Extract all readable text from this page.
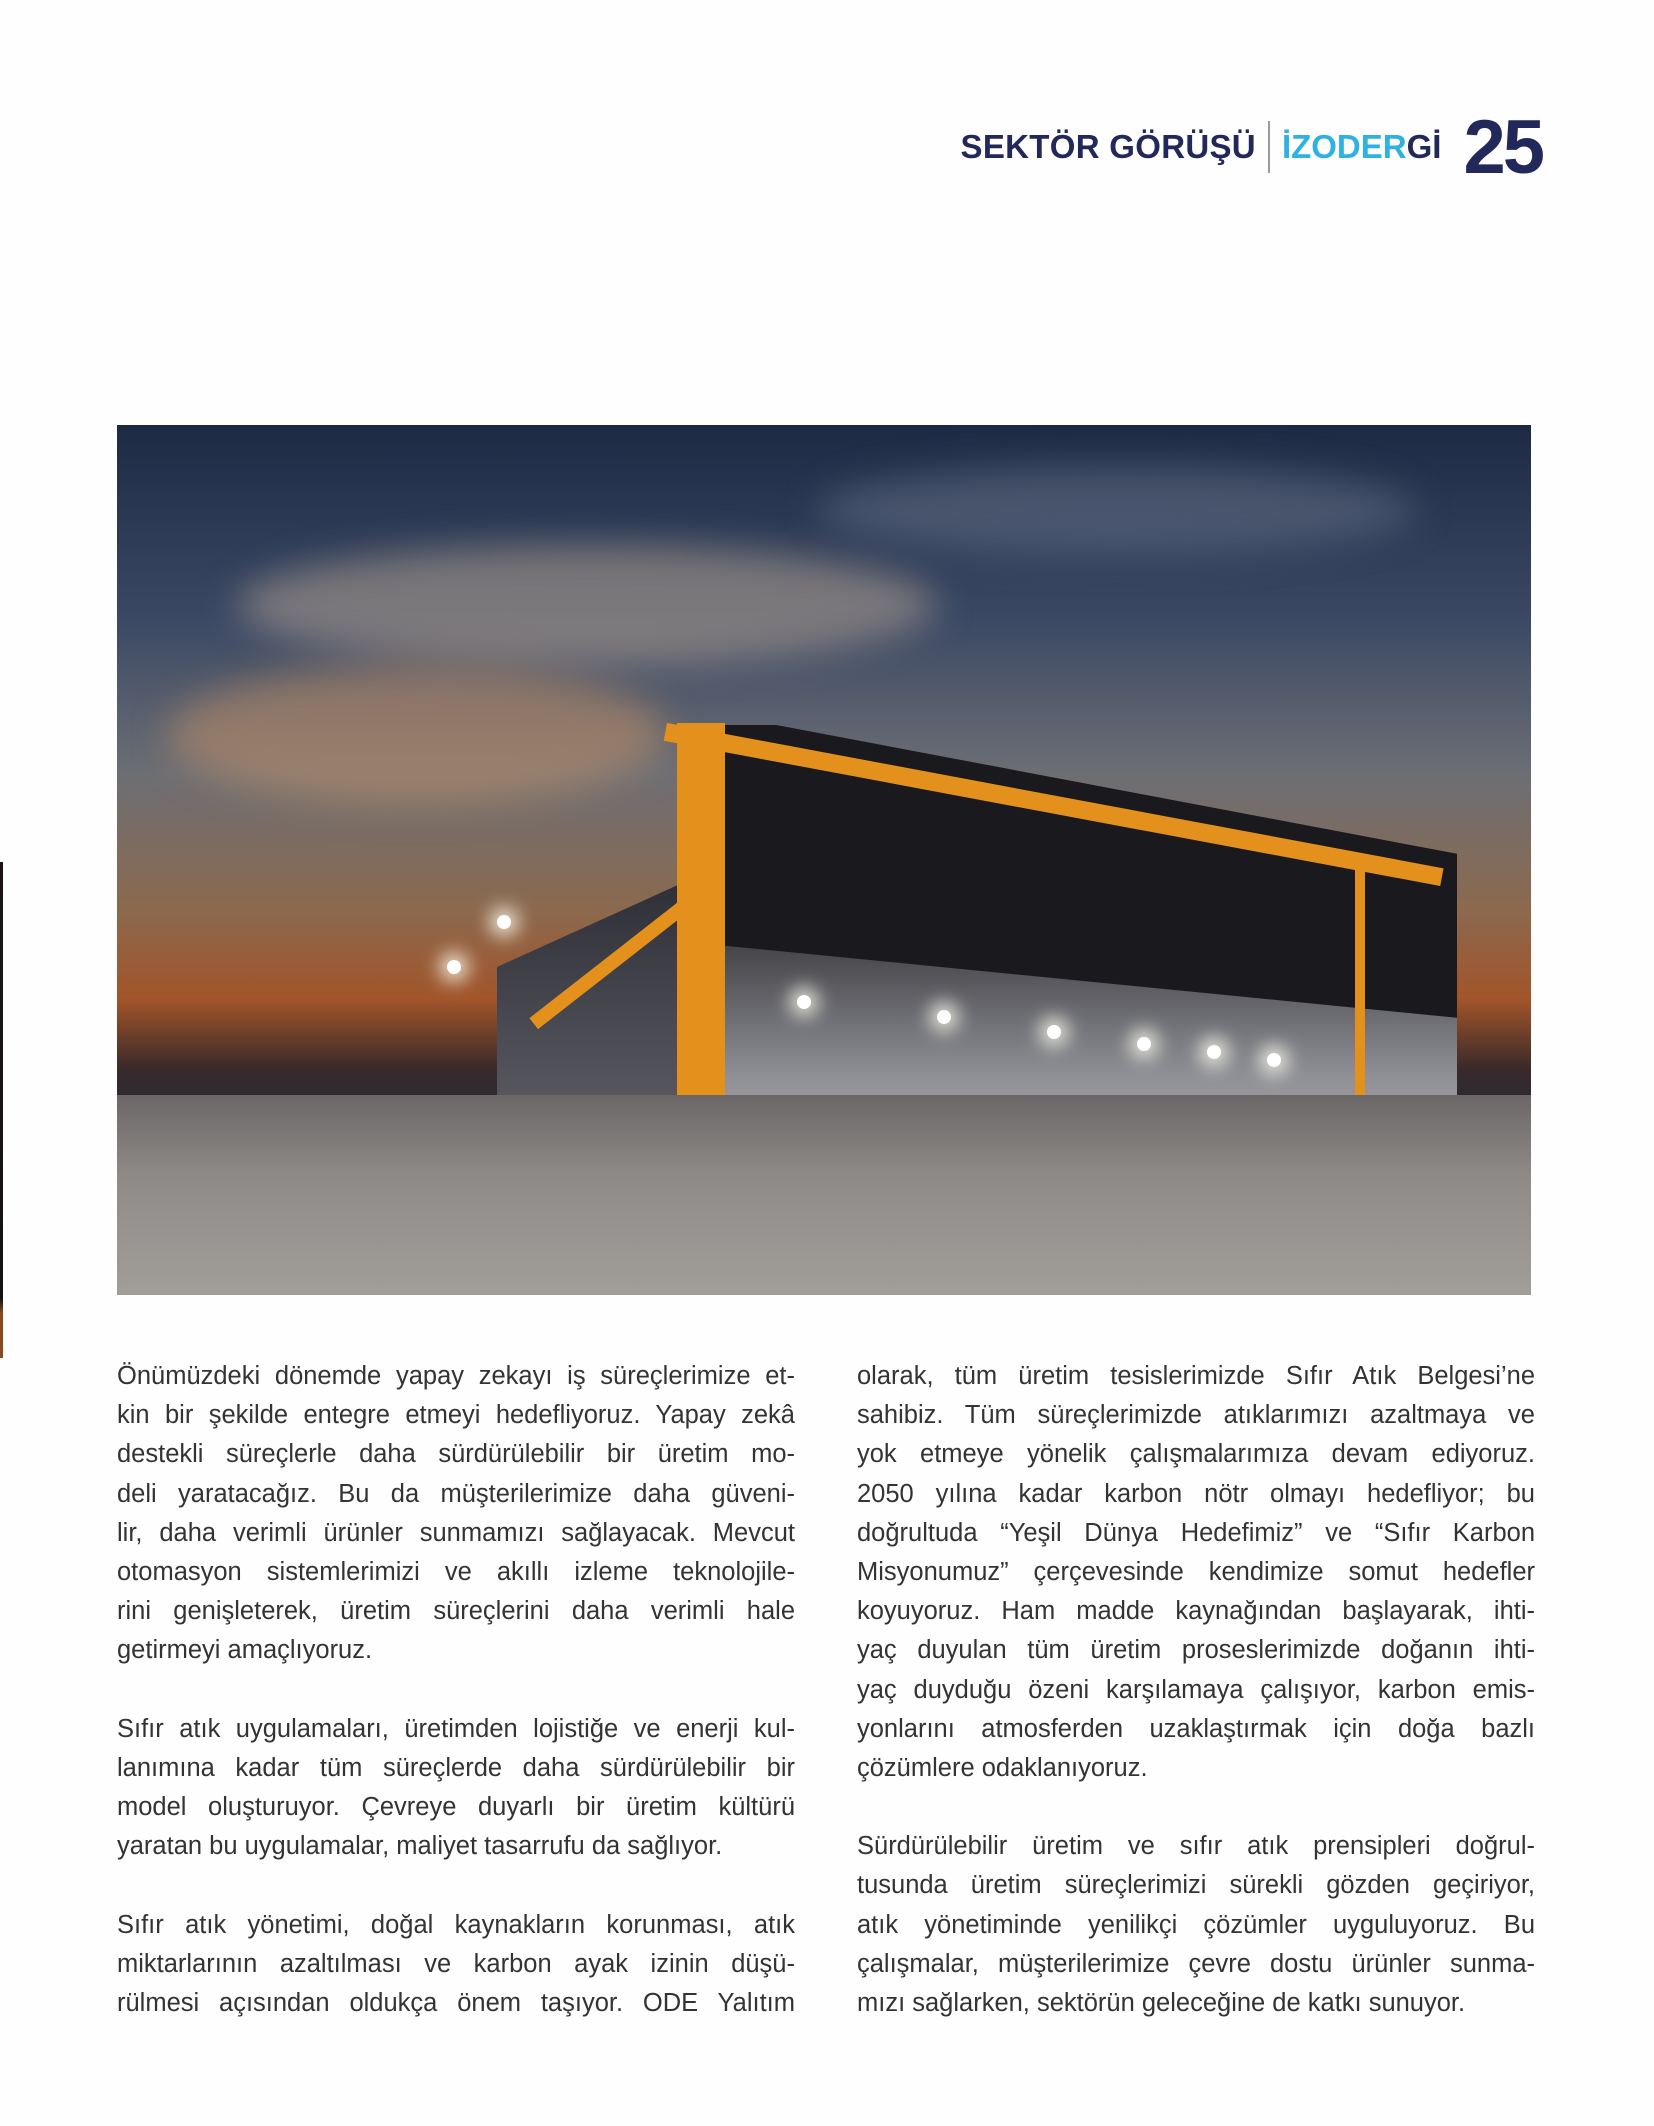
SEKTÖR GÖRÜŞÜ İZODERGİ 25
Önümüzdeki dönemde yapay zekayı iş süreçlerimize et-
kin bir şekilde entegre etmeyi hedefliyoruz. Yapay zekâ
destekli süreçlerle daha sürdürülebilir bir üretim mo-
deli yaratacağız. Bu da müşterilerimize daha güveni-
lir, daha verimli ürünler sunmamızı sağlayacak. Mevcut
otomasyon sistemlerimizi ve akıllı izleme teknolojile-
rini genişleterek, üretim süreçlerini daha verimli hale
getirmeyi amaçlıyoruz.
Sıfır atık uygulamaları, üretimden lojistiğe ve enerji kul-
lanımına kadar tüm süreçlerde daha sürdürülebilir bir
model oluşturuyor. Çevreye duyarlı bir üretim kültürü
yaratan bu uygulamalar, maliyet tasarrufu da sağlıyor.
Sıfır atık yönetimi, doğal kaynakların korunması, atık
miktarlarının azaltılması ve karbon ayak izinin düşü-
rülmesi açısından oldukça önem taşıyor. ODE Yalıtım
olarak, tüm üretim tesislerimizde Sıfır Atık Belgesi’ne
sahibiz. Tüm süreçlerimizde atıklarımızı azaltmaya ve
yok etmeye yönelik çalışmalarımıza devam ediyoruz.
2050 yılına kadar karbon nötr olmayı hedefliyor; bu
doğrultuda “Yeşil Dünya Hedefimiz” ve “Sıfır Karbon
Misyonumuz” çerçevesinde kendimize somut hedefler
koyuyoruz. Ham madde kaynağından başlayarak, ihti-
yaç duyulan tüm üretim proseslerimizde doğanın ihti-
yaç duyduğu özeni karşılamaya çalışıyor, karbon emis-
yonlarını atmosferden uzaklaştırmak için doğa bazlı
çözümlere odaklanıyoruz.
Sürdürülebilir üretim ve sıfır atık prensipleri doğrul-
tusunda üretim süreçlerimizi sürekli gözden geçiriyor,
atık yönetiminde yenilikçi çözümler uyguluyoruz. Bu
çalışmalar, müşterilerimize çevre dostu ürünler sunma-
mızı sağlarken, sektörün geleceğine de katkı sunuyor.
